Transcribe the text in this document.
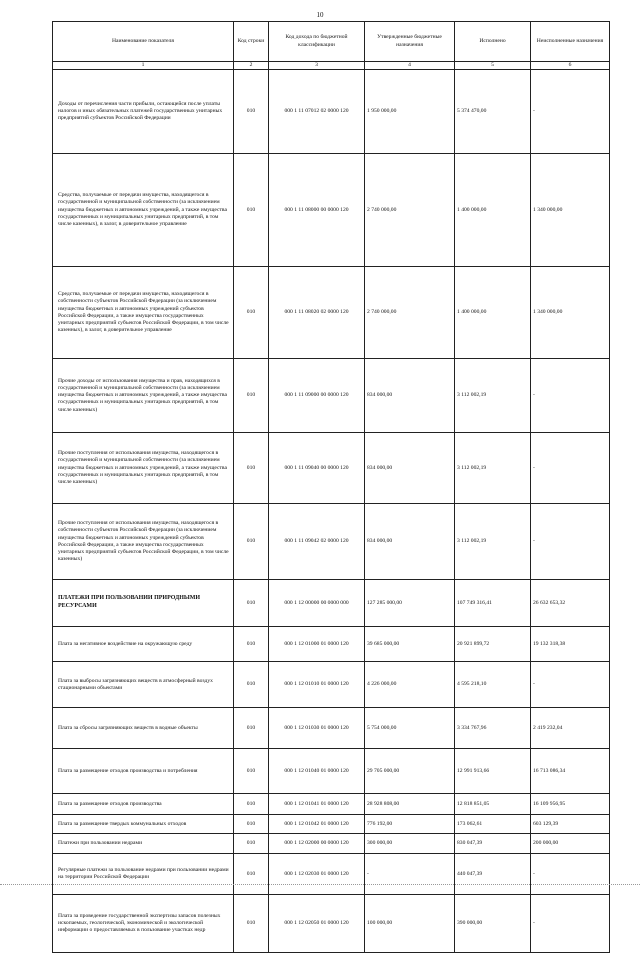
10
Наименование показателя	Код строки	Код дохода по бюджетной классификации	Утвержденные бюджетные назначения	Исполнено	Неисполненные назначения
1	2	3	4	5	6
Доходы от перечисления части прибыли, остающейся после уплаты налогов и иных обязательных платежей государственных унитарных предприятий субъектов Российской Федерации	010	000 1 11 07012 02 0000 120	1 950 000,00	5 374 470,00	-
Средства, получаемые от передачи имущества, находящегося в государственной и муниципальной собственности (за исключением имущества бюджетных и автономных учреждений, а также имущества государственных и муниципальных унитарных предприятий, в том числе казенных), в залог, в доверительное управление	010	000 1 11 08000 00 0000 120	2 740 000,00	1 400 000,00	1 340 000,00
Средства, получаемые от передачи имущества, находящегося в собственности субъектов Российской Федерации (за исключением имущества бюджетных и автономных учреждений субъектов Российской Федерации, а также имущества государственных унитарных предприятий субъектов Российской Федерации, в том числе казенных), в залог, в доверительное управление	010	000 1 11 08020 02 0000 120	2 740 000,00	1 400 000,00	1 340 000,00
Прочие доходы от использования имущества и прав, находящихся в государственной и муниципальной собственности (за исключением имущества бюджетных и автономных учреждений, а также имущества государственных и муниципальных унитарных предприятий, в том числе казенных)	010	000 1 11 09000 00 0000 120	834 000,00	3 112 002,19	-
Прочие поступления от использования имущества, находящегося в государственной и муниципальной собственности (за исключением имущества бюджетных и автономных учреждений, а также имущества государственных и муниципальных унитарных предприятий, в том числе казенных)	010	000 1 11 09040 00 0000 120	834 000,00	3 112 002,19	-
Прочие поступления от использования имущества, находящегося в собственности субъектов Российской Федерации (за исключением имущества бюджетных и автономных учреждений субъектов Российской Федерации, а также имущества государственных унитарных предприятий субъектов Российской Федерации, в том числе казенных)	010	000 1 11 09042 02 0000 120	834 000,00	3 112 002,19	-
ПЛАТЕЖИ ПРИ ПОЛЬЗОВАНИИ ПРИРОДНЫМИ РЕСУРСАМИ	010	000 1 12 00000 00 0000 000	127 285 000,00	107 749 316,41	26 632 653,32
Плата за негативное воздействие на окружающую среду	010	000 1 12 01000 01 0000 120	39 685 000,00	20 921 899,72	19 132 318,38
Плата за выбросы загрязняющих веществ в атмосферный воздух стационарными объектами	010	000 1 12 01010 01 0000 120	4 226 000,00	4 595 218,10	-
Плата за сбросы загрязняющих веществ в водные объекты	010	000 1 12 01030 01 0000 120	5 754 000,00	3 334 767,96	2 419 232,04
Плата за размещение отходов производства и потребления	010	000 1 12 01040 01 0000 120	29 705 000,00	12 991 913,66	16 713 086,34
Плата за размещение отходов производства	010	000 1 12 01041 01 0000 120	28 928 808,00	12 818 851,05	16 109 956,95
Плата за размещение твердых коммунальных отходов	010	000 1 12 01042 01 0000 120	776 192,00	173 062,61	603 129,39
Платежи при пользовании недрами	010	000 1 12 02000 00 0000 120	300 000,00	830 047,39	200 000,00
Регулярные платежи за пользование недрами при пользовании недрами на территории Российской Федерации	010	000 1 12 02030 01 0000 120	-	440 047,39	-
Плата за проведение государственной экспертизы запасов полезных ископаемых, геологической, экономической и экологической информации о предоставляемых в пользование участках недр	010	000 1 12 02050 01 0000 120	100 000,00	390 000,00	-
